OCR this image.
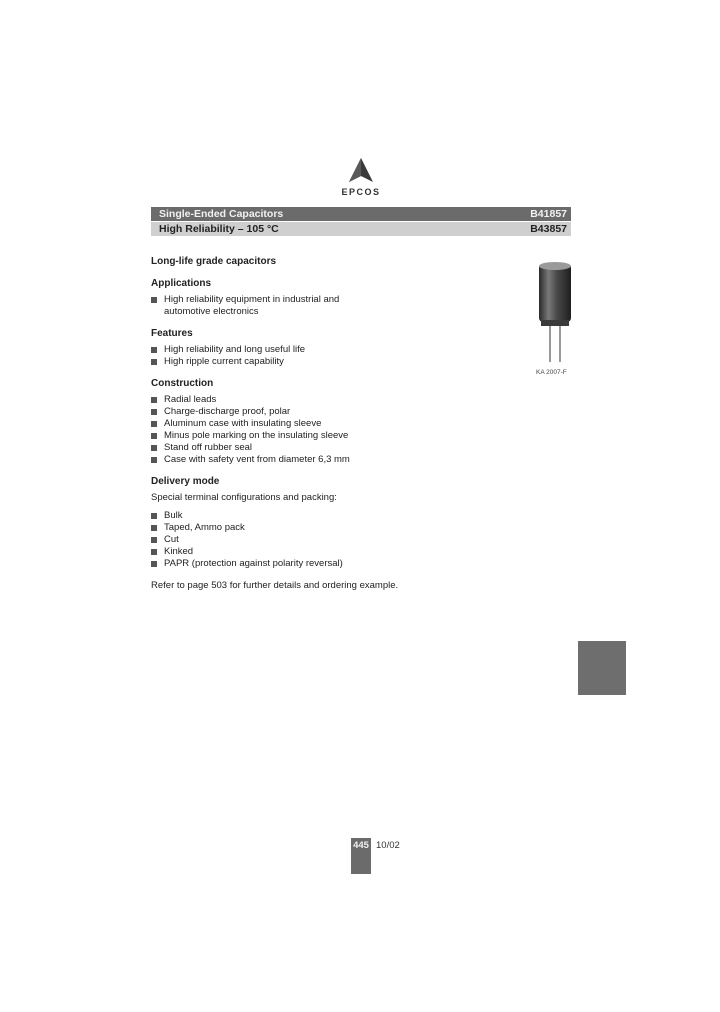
EPCOS
Single-Ended Capacitors	B41857
High Reliability – 105 °C	B43857
Long-life grade capacitors
Applications
High reliability equipment in industrial and automotive electronics
Features
High reliability and long useful life
High ripple current capability
Construction
Radial leads
Charge-discharge proof, polar
Aluminum case with insulating sleeve
Minus pole marking on the insulating sleeve
Stand off rubber seal
Case with safety vent from diameter 6,3 mm
Delivery mode
Special terminal configurations and packing:
Bulk
Taped, Ammo pack
Cut
Kinked
PAPR (protection against polarity reversal)
Refer to page 503 for further details and ordering example.
KA 2007-F
445 10/02
